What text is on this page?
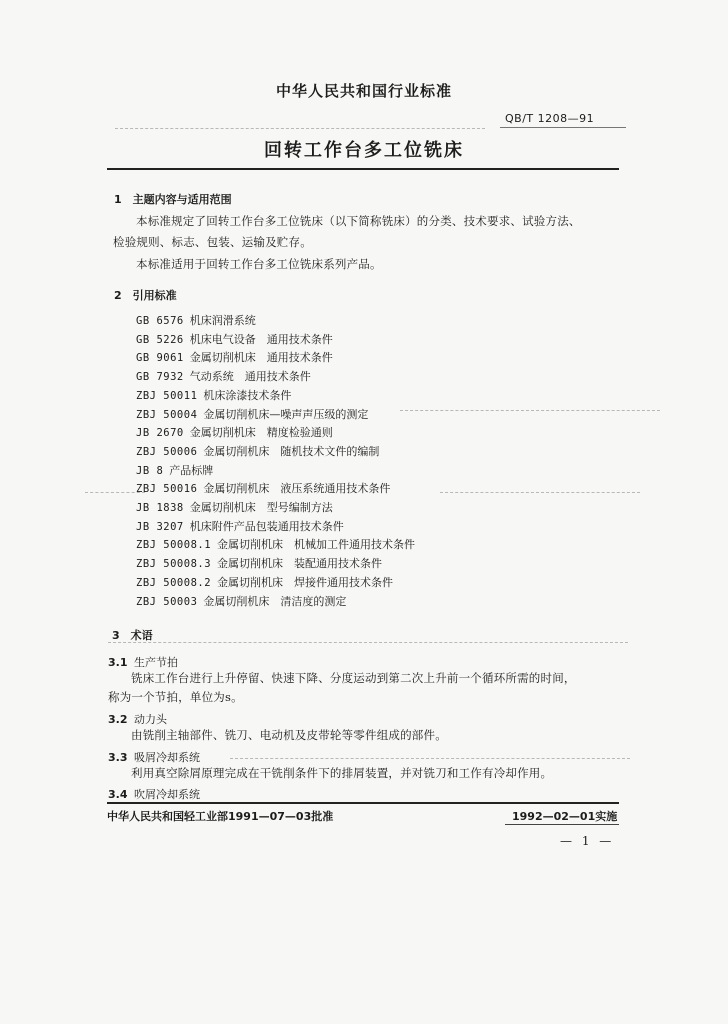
中华人民共和国行业标准
QB/T 1208—91
回转工作台多工位铣床
1　主题内容与适用范围
本标准规定了回转工作台多工位铣床（以下简称铣床）的分类、技术要求、试验方法、
检验规则、标志、包装、运输及贮存。
本标准适用于回转工作台多工位铣床系列产品。
2　引用标准
GB 6576 机床润滑系统
GB 5226 机床电气设备　通用技术条件
GB 9061 金属切削机床　通用技术条件
GB 7932 气动系统　通用技术条件
ZBJ 50011 机床涂漆技术条件
ZBJ 50004 金属切削机床—噪声声压级的测定
JB 2670 金属切削机床　精度检验通则
ZBJ 50006 金属切削机床　随机技术文件的编制
JB 8 产品标牌
ZBJ 50016 金属切削机床　液压系统通用技术条件
JB 1838 金属切削机床　型号编制方法
JB 3207 机床附件产品包装通用技术条件
ZBJ 50008.1 金属切削机床　机械加工件通用技术条件
ZBJ 50008.3 金属切削机床　装配通用技术条件
ZBJ 50008.2 金属切削机床　焊接件通用技术条件
ZBJ 50003 金属切削机床　清洁度的测定
3　术语
3.1 生产节拍
铣床工作台进行上升停留、快速下降、分度运动到第二次上升前一个循环所需的时间，
称为一个节拍，单位为s。
3.2 动力头
由铣削主轴部件、铣刀、电动机及皮带轮等零件组成的部件。
3.3 吸屑冷却系统
利用真空除屑原理完成在干铣削条件下的排屑装置，并对铣刀和工作有冷却作用。
3.4 吹屑冷却系统
中华人民共和国轻工业部1991—07—03批准	1992—02—01实施
— 1 —
